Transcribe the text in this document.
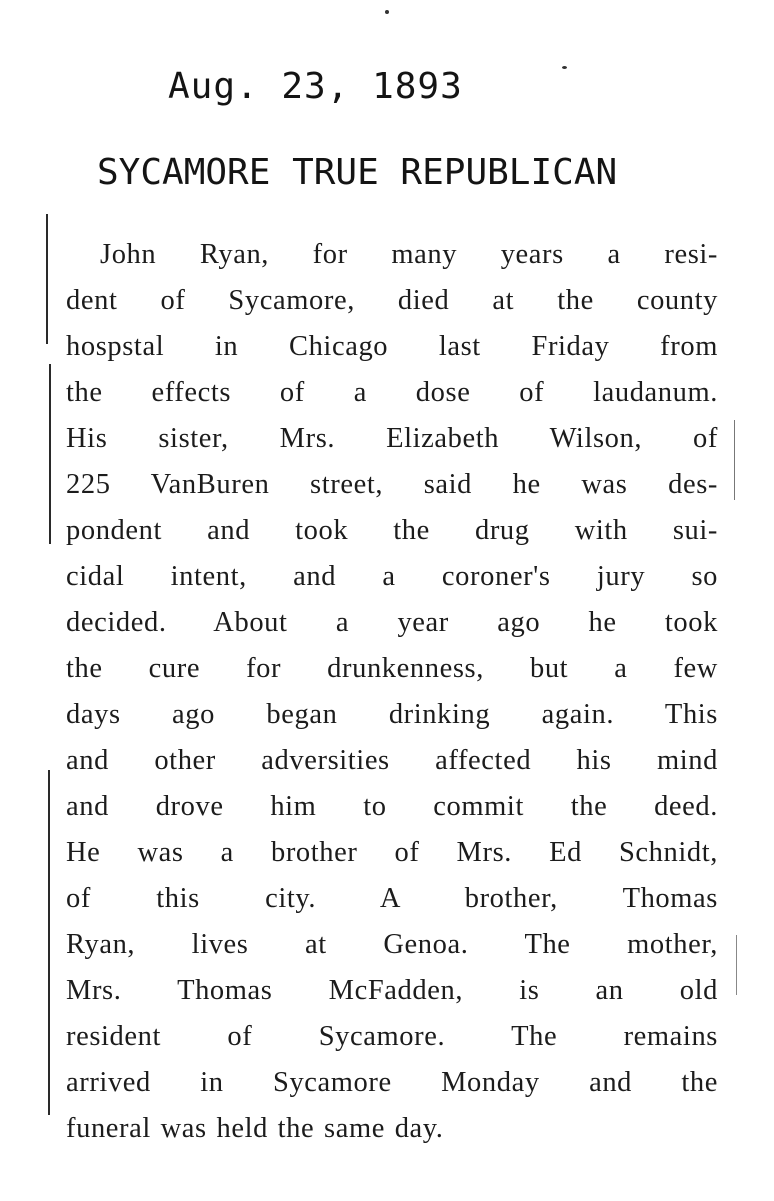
Aug. 23, 1893
SYCAMORE TRUE REPUBLICAN
John Ryan, for many years a resi-
dent of Sycamore, died at the county
hospstal in Chicago last Friday from
the effects of a dose of laudanum.
His sister, Mrs. Elizabeth Wilson, of
225 VanBuren street, said he was des-
pondent and took the drug with sui-
cidal intent, and a coroner's jury so
decided. About a year ago he took
the cure for drunkenness, but a few
days ago began drinking again. This
and other adversities affected his mind
and drove him to commit the deed.
He was a brother of Mrs. Ed Schnidt,
of this city. A brother, Thomas
Ryan, lives at Genoa. The mother,
Mrs. Thomas McFadden, is an old
resident of Sycamore. The remains
arrived in Sycamore Monday and the
funeral was held the same day.
